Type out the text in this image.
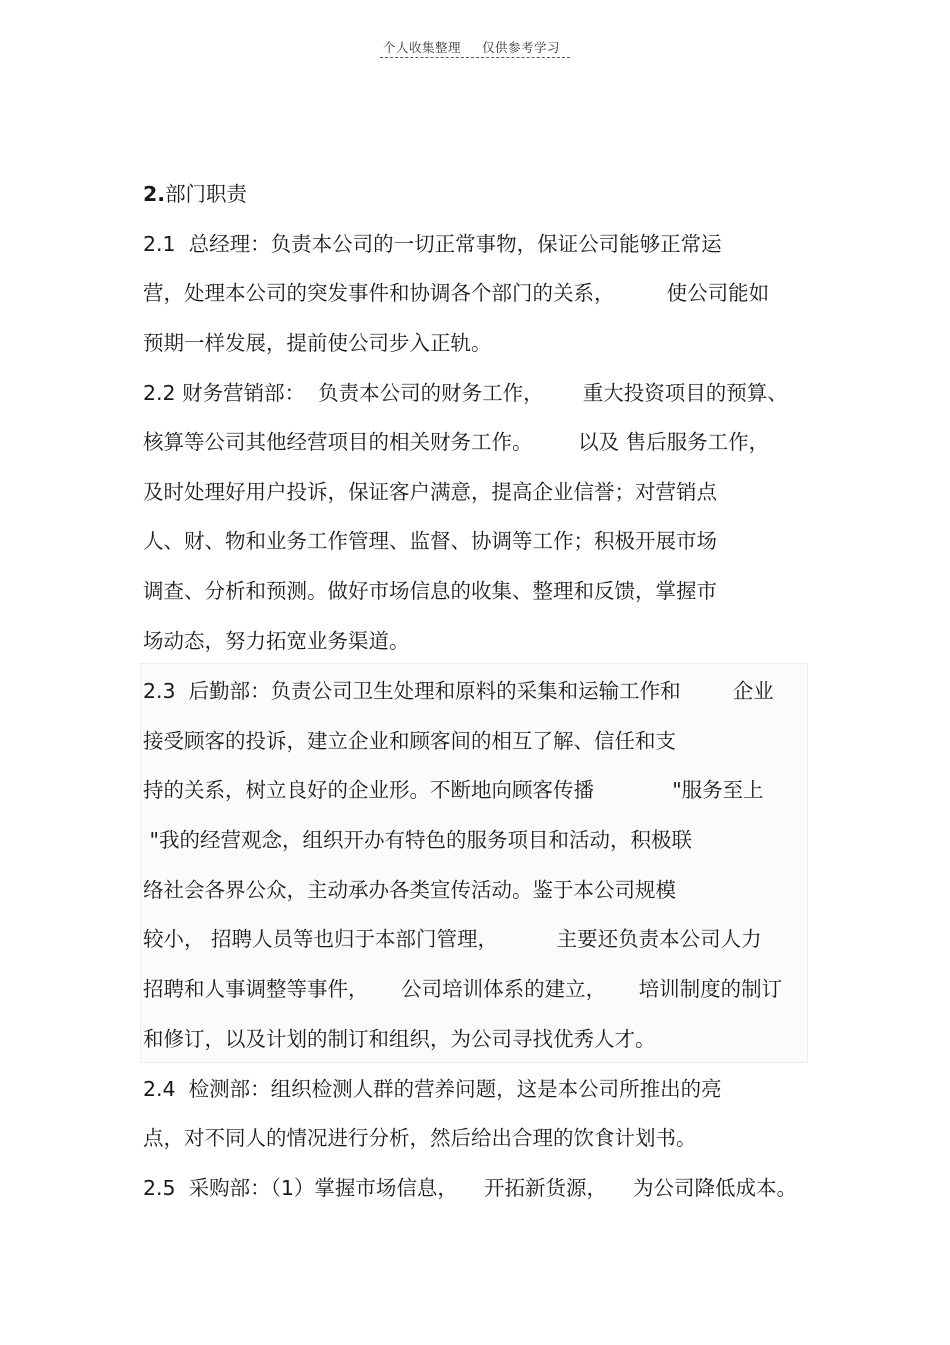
个人收集整理 仅供参考学习
2.部门职责
2.1  总经理：负责本公司的一切正常事物，保证公司能够正常运
营，处理本公司的突发事件和协调各个部门的关系，        使公司能如
预期一样发展，提前使公司步入正轨。
2.2 财务营销部：  负责本公司的财务工作，      重大投资项目的预算、
核算等公司其他经营项目的相关财务工作。       以及 售后服务工作，
及时处理好用户投诉，保证客户满意，提高企业信誉；对营销点
人、财、物和业务工作管理、监督、协调等工作；积极开展市场
调查、分析和预测。做好市场信息的收集、整理和反馈，掌握市
场动态，努力拓宽业务渠道。
2.3  后勤部：负责公司卫生处理和原料的采集和运输工作和        企业
接受顾客的投诉，建立企业和顾客间的相互了解、信任和支
持的关系，树立良好的企业形。不断地向顾客传播            "服务至上
"我的经营观念，组织开办有特色的服务项目和活动，积极联
络社会各界公众，主动承办各类宣传活动。鉴于本公司规模
较小， 招聘人员等也归于本部门管理，         主要还负责本公司人力
招聘和人事调整等事件，     公司培训体系的建立，     培训制度的制订
和修订，以及计划的制订和组织，为公司寻找优秀人才。
2.4  检测部：组织检测人群的营养问题，这是本公司所推出的亮
点，对不同人的情况进行分析，然后给出合理的饮食计划书。
2.5  采购部：（1）掌握市场信息，    开拓新货源，    为公司降低成本。
